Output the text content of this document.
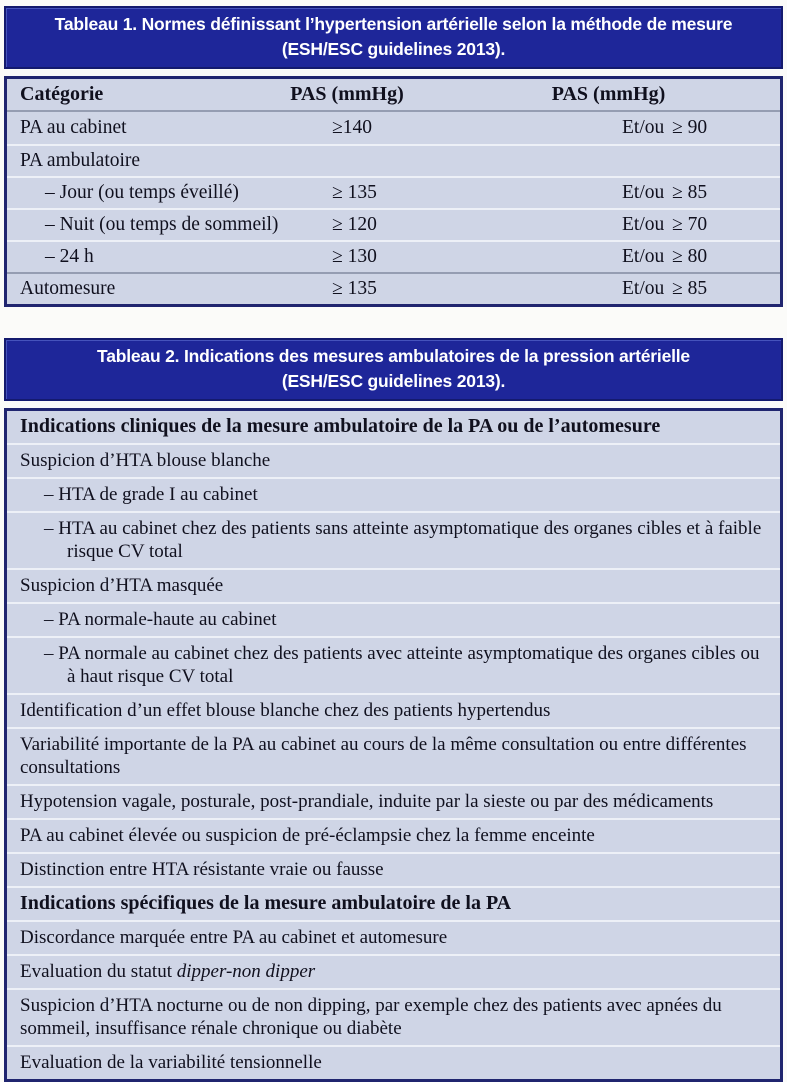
Tableau 1. Normes définissant l’hypertension artérielle selon la méthode de mesure
(ESH/ESC guidelines 2013).
Catégorie	PAS (mmHg)	PAS (mmHg)
PA au cabinet	≥140	Et/ou ≥ 90
PA ambulatoire
– Jour (ou temps éveillé)	≥ 135	Et/ou ≥ 85
– Nuit (ou temps de sommeil)	≥ 120	Et/ou ≥ 70
– 24 h	≥ 130	Et/ou ≥ 80
Automesure	≥ 135	Et/ou ≥ 85
Tableau 2. Indications des mesures ambulatoires de la pression artérielle
(ESH/ESC guidelines 2013).
Indications cliniques de la mesure ambulatoire de la PA ou de l’automesure
Suspicion d’HTA blouse blanche
– HTA de grade I au cabinet
– HTA au cabinet chez des patients sans atteinte asymptomatique des organes cibles et à faible risque CV total
Suspicion d’HTA masquée
– PA normale-haute au cabinet
– PA normale au cabinet chez des patients avec atteinte asymptomatique des organes cibles ou à haut risque CV total
Identification d’un effet blouse blanche chez des patients hypertendus
Variabilité importante de la PA au cabinet au cours de la même consultation ou entre différentes consultations
Hypotension vagale, posturale, post-prandiale, induite par la sieste ou par des médicaments
PA au cabinet élevée ou suspicion de pré-éclampsie chez la femme enceinte
Distinction entre HTA résistante vraie ou fausse
Indications spécifiques de la mesure ambulatoire de la PA
Discordance marquée entre PA au cabinet et automesure
Evaluation du statut dipper-non dipper
Suspicion d’HTA nocturne ou de non dipping, par exemple chez des patients avec apnées du sommeil, insuffisance rénale chronique ou diabète
Evaluation de la variabilité tensionnelle
